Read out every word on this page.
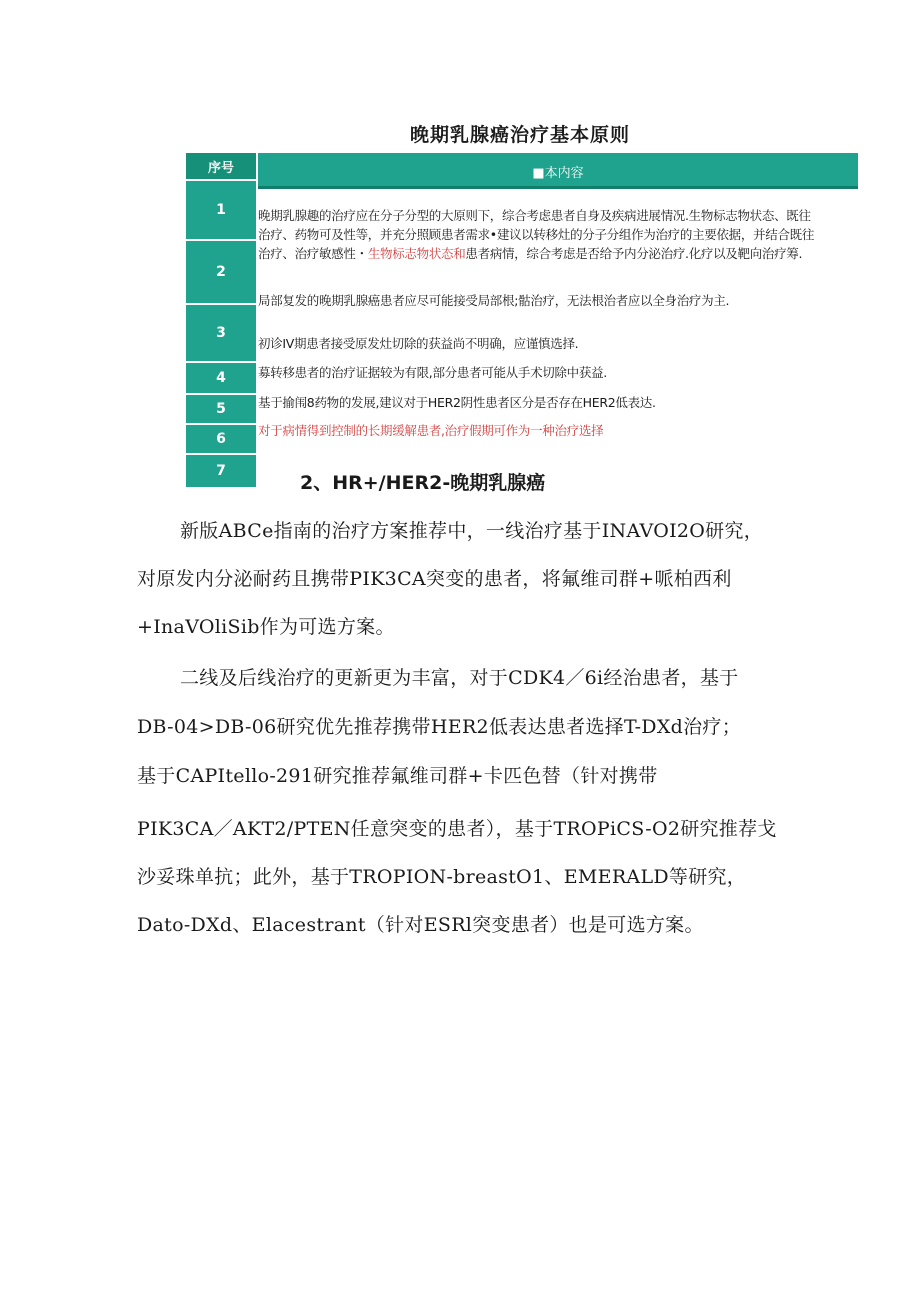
晚期乳腺癌治疗基本原则
序号
1
2
3
4
5
6
7
■本内容
晚期乳腺趣的治疗应在分子分型的大原则下，综合考虑患者自身及疾病进展情况.生物标志物状态、既往
治疗、药物可及性等，并充分照顾患者需求•建议以转移灶的分子分组作为治疗的主要依据，并结合既往
治疗、治疗敏感性・生物标志物状态和患者病情，综合考虑是否给予内分泌治疗.化疗以及靶向治疗筹.
局部复发的晚期乳腺癌患者应尽可能接受局部根;骷治疗，无法根治者应以全身治疗为主.
初诊IV期患者接受原发灶切除的获益尚不明确，应谨慎选择.
募转移患者的治疗证据较为有限,部分患者可能从手术切除中获益.
基于揄闱8药物的发展,建议对于HER2阴性患者区分是否存在HER2低表达.
对于病情得到控制的长期缓解患者,治疗假期可作为一种治疗选择
2、HR+/HER2-晚期乳腺癌
新版ABCe指南的治疗方案推荐中，一线治疗基于INAVOI2O研究，
对原发内分泌耐药且携带PIK3CA突变的患者，将氟维司群+哌柏西利
+InaVOliSib作为可选方案。
二线及后线治疗的更新更为丰富，对于CDK4／6i经治患者，基于
DB-04>DB-06研究优先推荐携带HER2低表达患者选择T-DXd治疗；
基于CAPItello-291研究推荐氟维司群+卡匹色替（针对携带
PIK3CA／AKT2/PTEN任意突变的患者），基于TROPiCS-O2研究推荐戈
沙妥珠单抗；此外，基于TROPION-breastO1、EMERALD等研究，
Dato-DXd、Elacestrant（针对ESRl突变患者）也是可选方案。
